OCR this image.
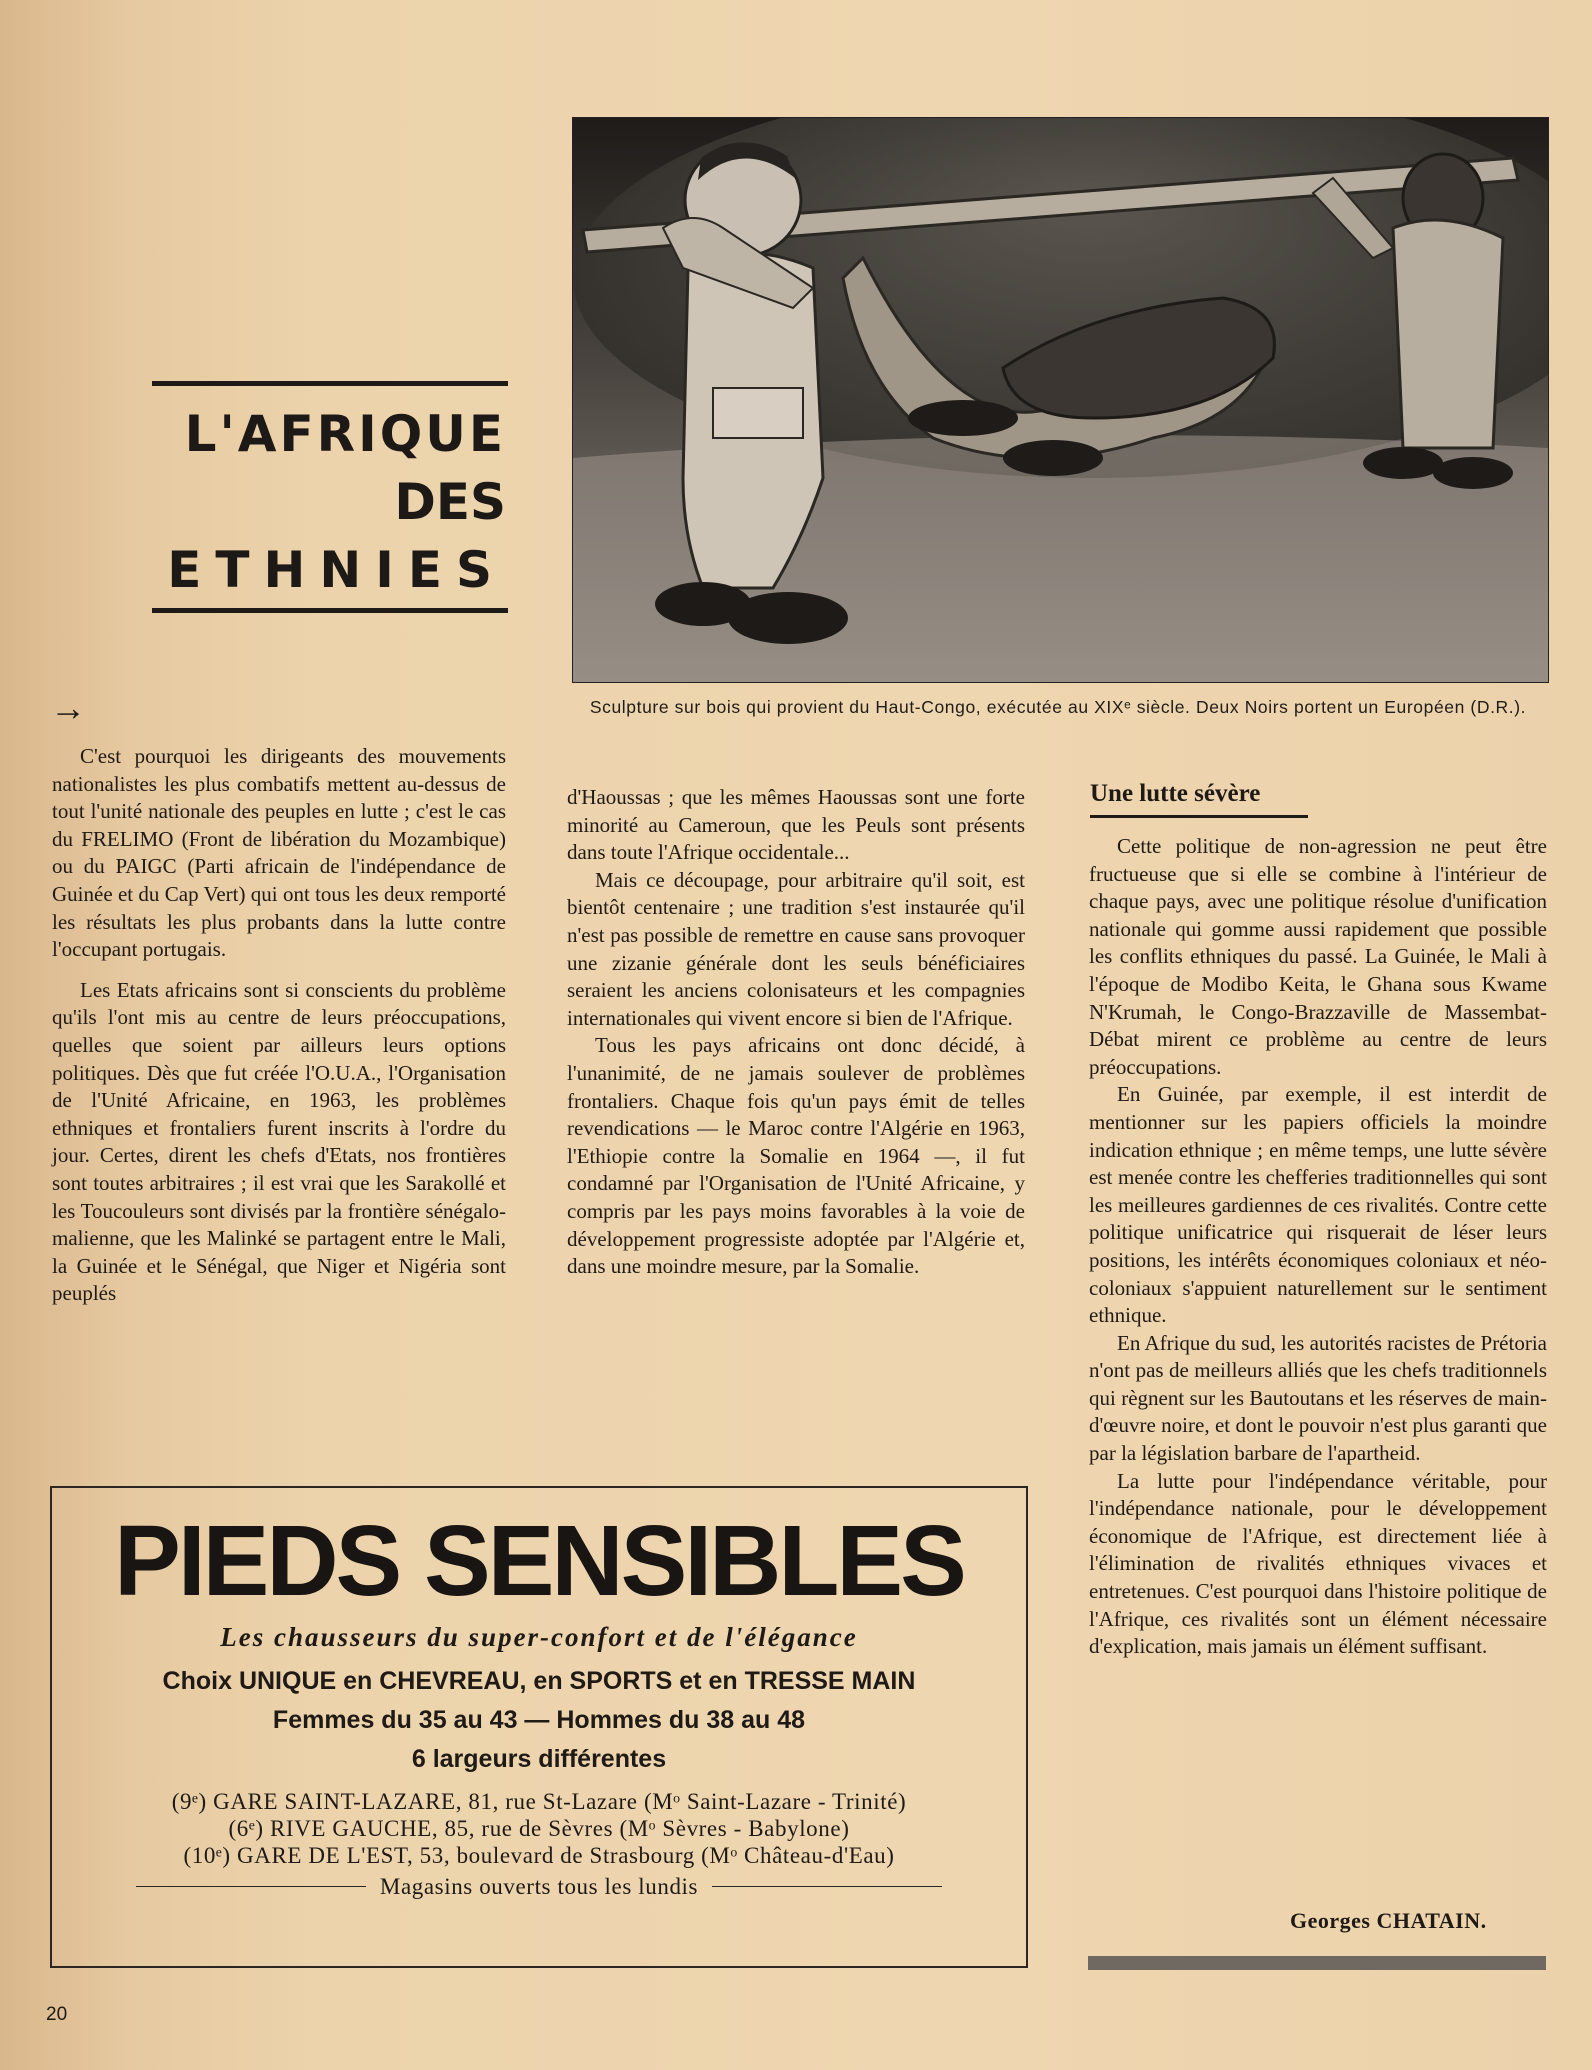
L'AFRIQUE
DES
ETHNIES
→	Sculpture sur bois qui provient du Haut-Congo, exécutée au XIXᵉ siècle. Deux Noirs portent un Européen (D.R.).

C'est pourquoi les dirigeants des mouvements nationalistes les plus combatifs mettent au-dessus de tout l'unité nationale des peuples en lutte ; c'est le cas du FRELIMO (Front de libération du Mozambique) ou du PAIGC (Parti africain de l'indépendance de Guinée et du Cap Vert) qui ont tous les deux remporté les résultats les plus probants dans la lutte contre l'occupant portugais.

Les Etats africains sont si conscients du problème qu'ils l'ont mis au centre de leurs préoccupations, quelles que soient par ailleurs leurs options politiques. Dès que fut créée l'O.U.A., l'Organisation de l'Unité Africaine, en 1963, les problèmes ethniques et frontaliers furent inscrits à l'ordre du jour. Certes, dirent les chefs d'Etats, nos frontières sont toutes arbitraires ; il est vrai que les Sarakollé et les Toucouleurs sont divisés par la frontière sénégalo-malienne, que les Malinké se partagent entre le Mali, la Guinée et le Sénégal, que Niger et Nigéria sont peuplés

d'Haoussas ; que les mêmes Haoussas sont une forte minorité au Cameroun, que les Peuls sont présents dans toute l'Afrique occidentale...

Mais ce découpage, pour arbitraire qu'il soit, est bientôt centenaire ; une tradition s'est instaurée qu'il n'est pas possible de remettre en cause sans provoquer une zizanie générale dont les seuls bénéficiaires seraient les anciens colonisateurs et les compagnies internationales qui vivent encore si bien de l'Afrique.

Tous les pays africains ont donc décidé, à l'unanimité, de ne jamais soulever de problèmes frontaliers. Chaque fois qu'un pays émit de telles revendications — le Maroc contre l'Algérie en 1963, l'Ethiopie contre la Somalie en 1964 —, il fut condamné par l'Organisation de l'Unité Africaine, y compris par les pays moins favorables à la voie de développement progressiste adoptée par l'Algérie et, dans une moindre mesure, par la Somalie.

Une lutte sévère

Cette politique de non-agression ne peut être fructueuse que si elle se combine à l'intérieur de chaque pays, avec une politique résolue d'unification nationale qui gomme aussi rapidement que possible les conflits ethniques du passé. La Guinée, le Mali à l'époque de Modibo Keita, le Ghana sous Kwame N'Krumah, le Congo-Brazzaville de Massembat-Débat mirent ce problème au centre de leurs préoccupations.

En Guinée, par exemple, il est interdit de mentionner sur les papiers officiels la moindre indication ethnique ; en même temps, une lutte sévère est menée contre les chefferies traditionnelles qui sont les meilleures gardiennes de ces rivalités. Contre cette politique unificatrice qui risquerait de léser leurs positions, les intérêts économiques coloniaux et néo-coloniaux s'appuient naturellement sur le sentiment ethnique.

En Afrique du sud, les autorités racistes de Prétoria n'ont pas de meilleurs alliés que les chefs traditionnels qui règnent sur les Bautoutans et les réserves de main-d'œuvre noire, et dont le pouvoir n'est plus garanti que par la législation barbare de l'apartheid.

La lutte pour l'indépendance véritable, pour l'indépendance nationale, pour le développement économique de l'Afrique, est directement liée à l'élimination de rivalités ethniques vivaces et entretenues. C'est pourquoi dans l'histoire politique de l'Afrique, ces rivalités sont un élément nécessaire d'explication, mais jamais un élément suffisant.

Georges CHATAIN.
PIEDS SENSIBLES
Les chausseurs du super-confort et de l'élégance
Choix UNIQUE en CHEVREAU, en SPORTS et en TRESSE MAIN
Femmes du 35 au 43 — Hommes du 38 au 48
6 largeurs différentes
(9ᵉ) GARE SAINT-LAZARE, 81, rue St-Lazare (Mᵒ Saint-Lazare - Trinité)
(6ᵉ) RIVE GAUCHE, 85, rue de Sèvres (Mᵒ Sèvres - Babylone)
(10ᵉ) GARE DE L'EST, 53, boulevard de Strasbourg (Mᵒ Château-d'Eau)
Magasins ouverts tous les lundis
20
